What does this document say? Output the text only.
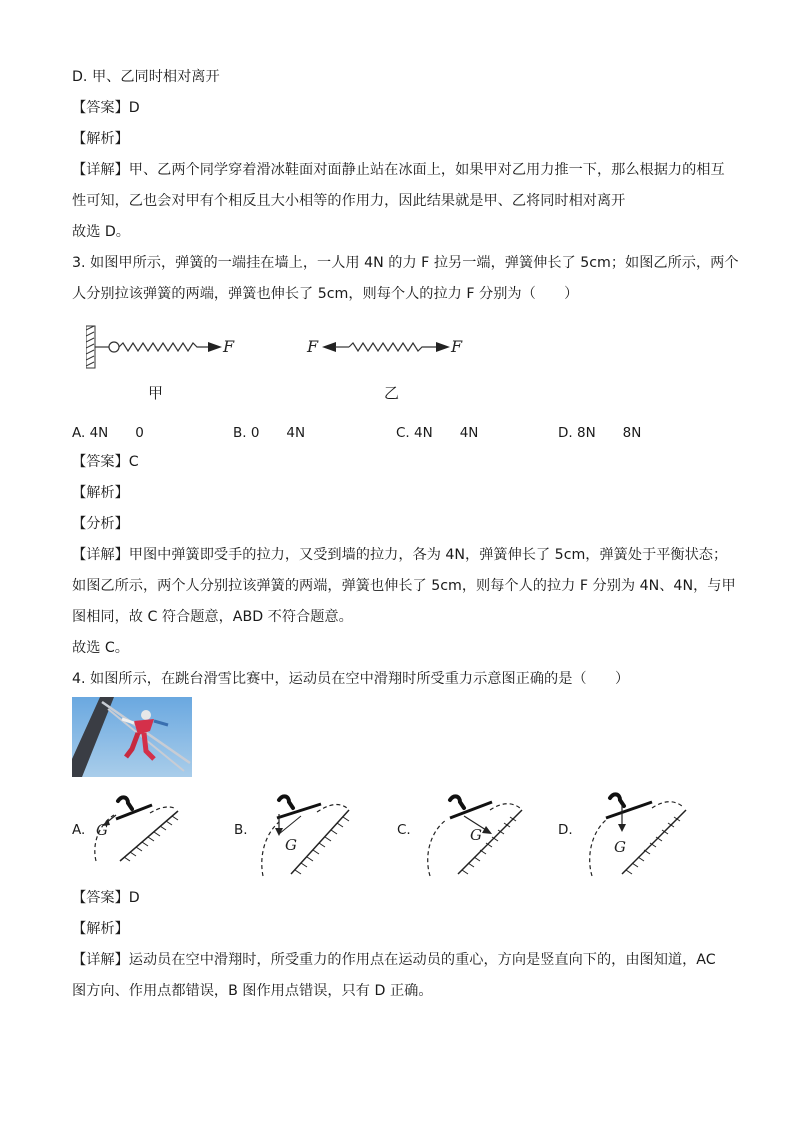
D. 甲、乙同时相对离开
【答案】D
【解析】
【详解】甲、乙两个同学穿着滑冰鞋面对面静止站在冰面上，如果甲对乙用力推一下，那么根据力的相互
性可知，乙也会对甲有个相反且大小相等的作用力，因此结果就是甲、乙将同时相对离开
故选 D。
3. 如图甲所示，弹簧的一端挂在墙上，一人用 4N 的力 F 拉另一端，弹簧伸长了 5cm；如图乙所示，两个
人分别拉该弹簧的两端，弹簧也伸长了 5cm，则每个人的拉力 F 分别为（　　）
F
甲
F	F
乙
A. 4N　　0	B. 0　　4N	C. 4N　　4N	D. 8N　　8N
【答案】C
【解析】
【分析】
【详解】甲图中弹簧即受手的拉力，又受到墙的拉力，各为 4N，弹簧伸长了 5cm，弹簧处于平衡状态；
如图乙所示，两个人分别拉该弹簧的两端，弹簧也伸长了 5cm，则每个人的拉力 F 分别为 4N、4N，与甲
图相同，故 C 符合题意，ABD 不符合题意。
故选 C。
4. 如图所示，在跳台滑雪比赛中，运动员在空中滑翔时所受重力示意图正确的是（　　）
A. G	B.
G
C.	G	D.
G
【答案】D
【解析】
【详解】运动员在空中滑翔时，所受重力的作用点在运动员的重心，方向是竖直向下的，由图知道，AC
图方向、作用点都错误，B 图作用点错误，只有 D 正确。
